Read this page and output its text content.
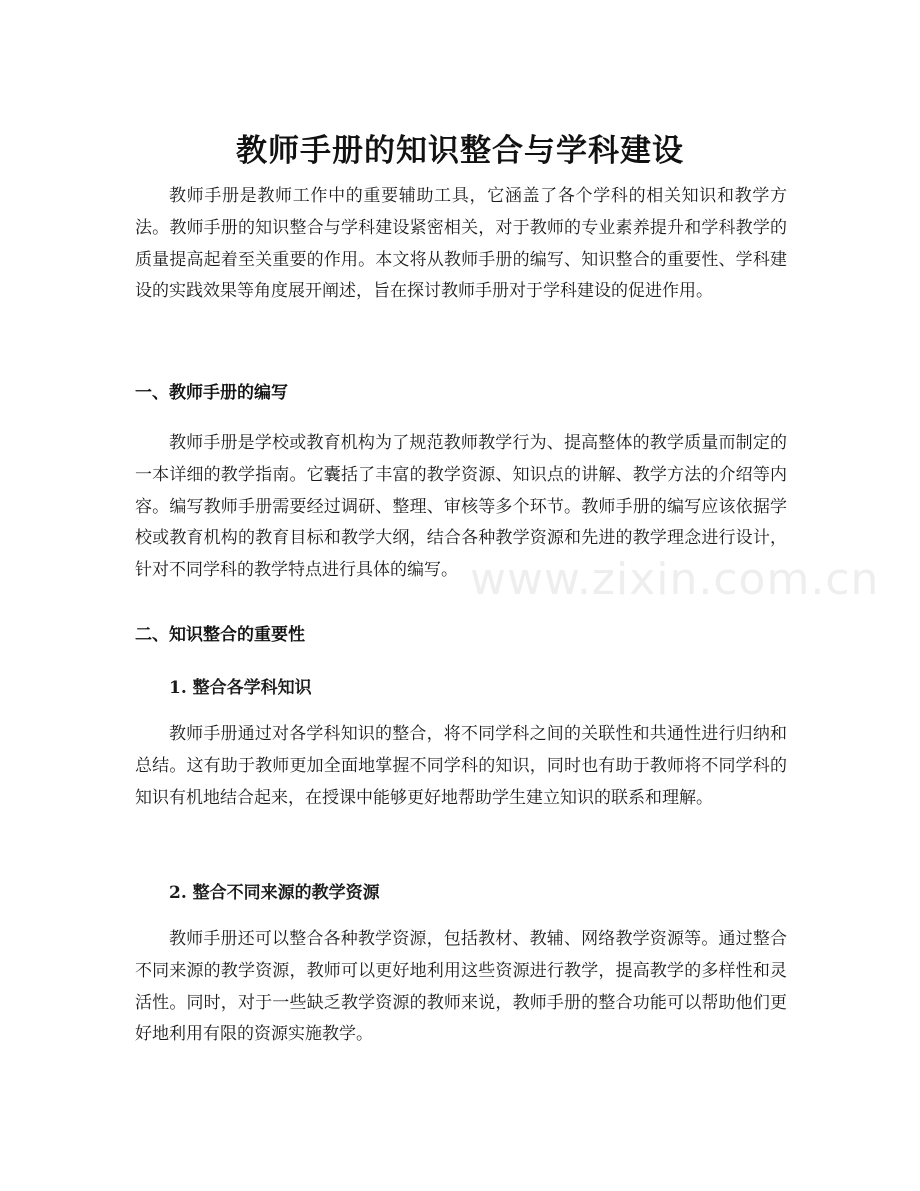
教师手册的知识整合与学科建设

教师手册是教师工作中的重要辅助工具，它涵盖了各个学科的相关知识和教学方法。教师手册的知识整合与学科建设紧密相关，对于教师的专业素养提升和学科教学的质量提高起着至关重要的作用。本文将从教师手册的编写、知识整合的重要性、学科建设的实践效果等角度展开阐述，旨在探讨教师手册对于学科建设的促进作用。

一、教师手册的编写

教师手册是学校或教育机构为了规范教师教学行为、提高整体的教学质量而制定的一本详细的教学指南。它囊括了丰富的教学资源、知识点的讲解、教学方法的介绍等内容。编写教师手册需要经过调研、整理、审核等多个环节。教师手册的编写应该依据学校或教育机构的教育目标和教学大纲，结合各种教学资源和先进的教学理念进行设计，针对不同学科的教学特点进行具体的编写。

二、知识整合的重要性
1. 整合各学科知识

教师手册通过对各学科知识的整合，将不同学科之间的关联性和共通性进行归纳和总结。这有助于教师更加全面地掌握不同学科的知识，同时也有助于教师将不同学科的知识有机地结合起来，在授课中能够更好地帮助学生建立知识的联系和理解。

2. 整合不同来源的教学资源

教师手册还可以整合各种教学资源，包括教材、教辅、网络教学资源等。通过整合不同来源的教学资源，教师可以更好地利用这些资源进行教学，提高教学的多样性和灵活性。同时，对于一些缺乏教学资源的教师来说，教师手册的整合功能可以帮助他们更好地利用有限的资源实施教学。

www.zixin.com.cn
